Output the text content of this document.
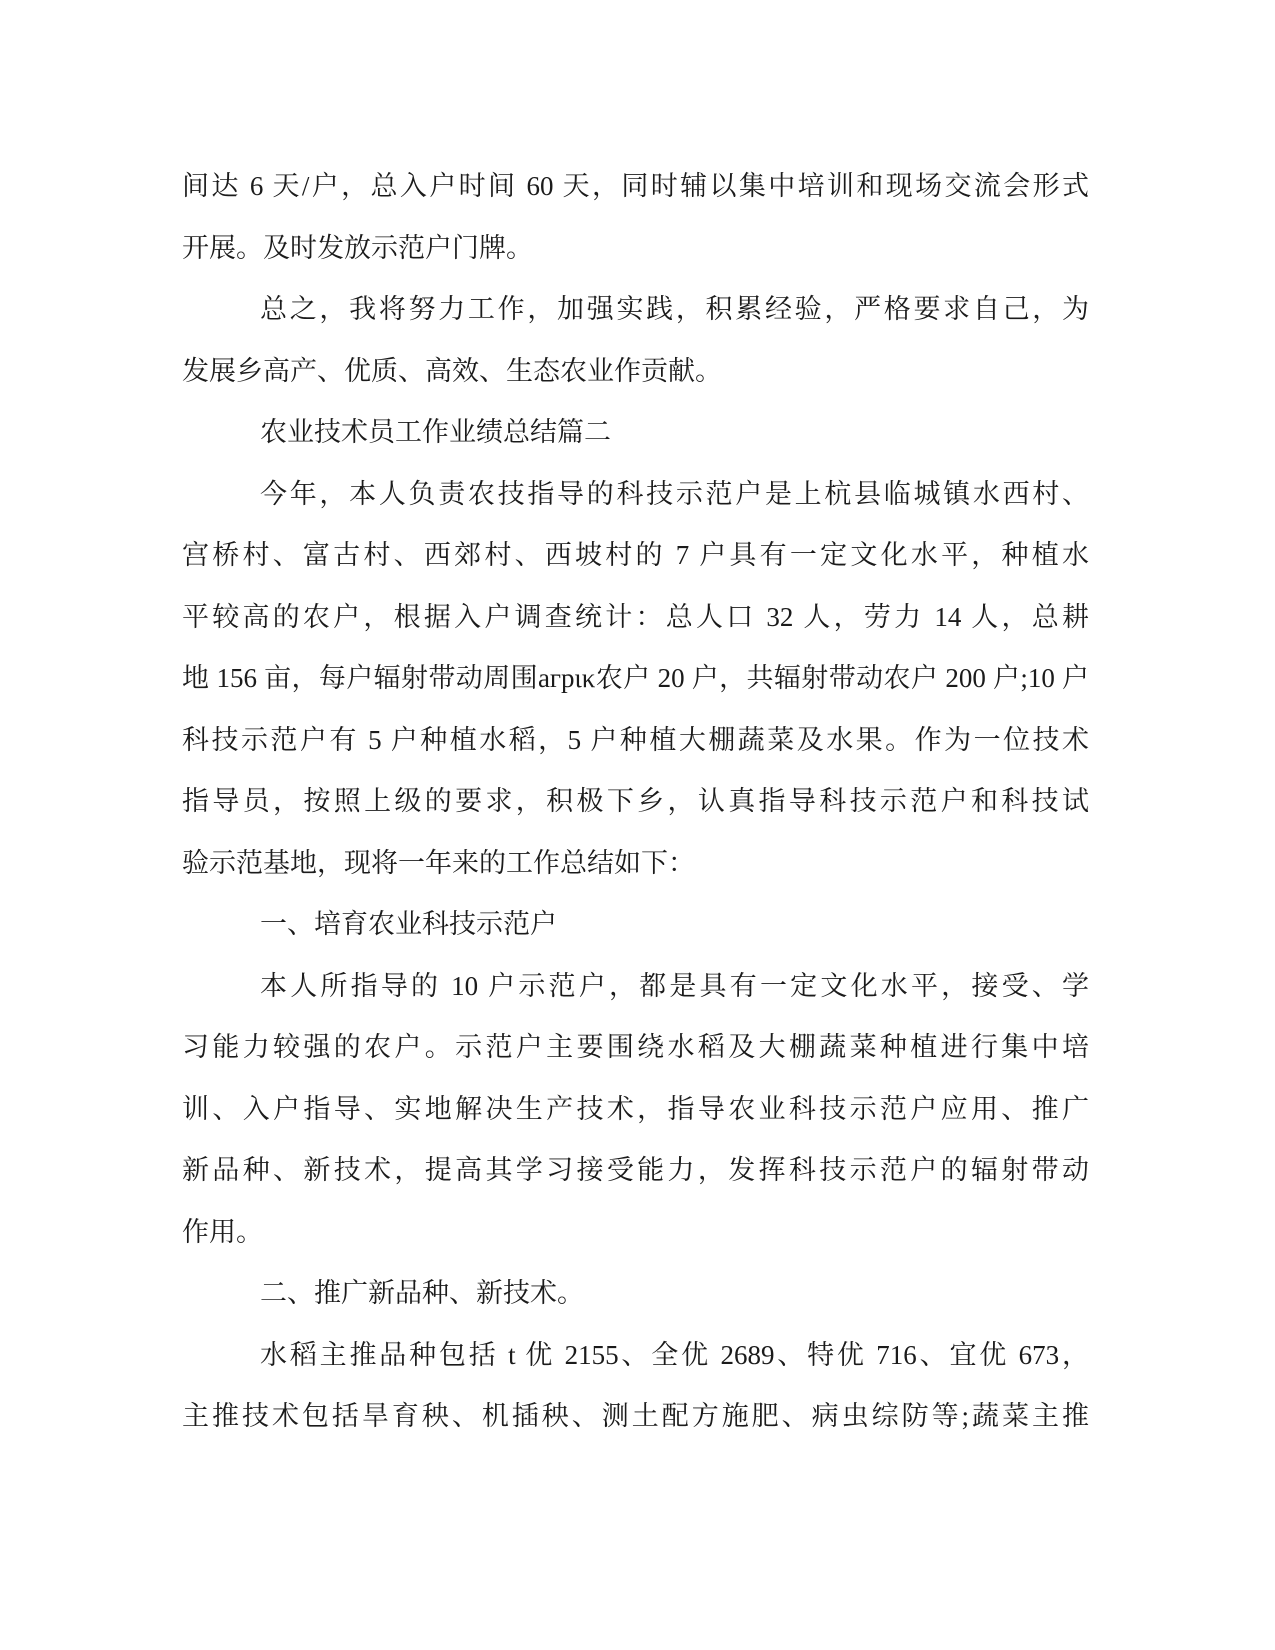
间达 6 天/户，总入户时间 60 天，同时辅以集中培训和现场交流会形式
开展。及时发放示范户门牌。
总之，我将努力工作，加强实践，积累经验，严格要求自己，为
发展乡高产、优质、高效、生态农业作贡献。
农业技术员工作业绩总结篇二
今年，本人负责农技指导的科技示范户是上杭县临城镇水西村、
宫桥村、富古村、西郊村、西坡村的 7 户具有一定文化水平，种植水
平较高的农户，根据入户调查统计：总人口 32 人，劳力 14 人，总耕
地 156 亩，每户辐射带动周围агрικ农户 20 户，共辐射带动农户 200 户;10 户
科技示范户有 5 户种植水稻，5 户种植大棚蔬菜及水果。作为一位技术
指导员，按照上级的要求，积极下乡，认真指导科技示范户和科技试
验示范基地，现将一年来的工作总结如下：
一、培育农业科技示范户
本人所指导的 10 户示范户，都是具有一定文化水平，接受、学
习能力较强的农户。示范户主要围绕水稻及大棚蔬菜种植进行集中培
训、入户指导、实地解决生产技术，指导农业科技示范户应用、推广
新品种、新技术，提高其学习接受能力，发挥科技示范户的辐射带动
作用。
二、推广新品种、新技术。
水稻主推品种包括 t 优 2155、全优 2689、特优 716、宜优 673，
主推技术包括旱育秧、机插秧、测土配方施肥、病虫综防等;蔬菜主推
